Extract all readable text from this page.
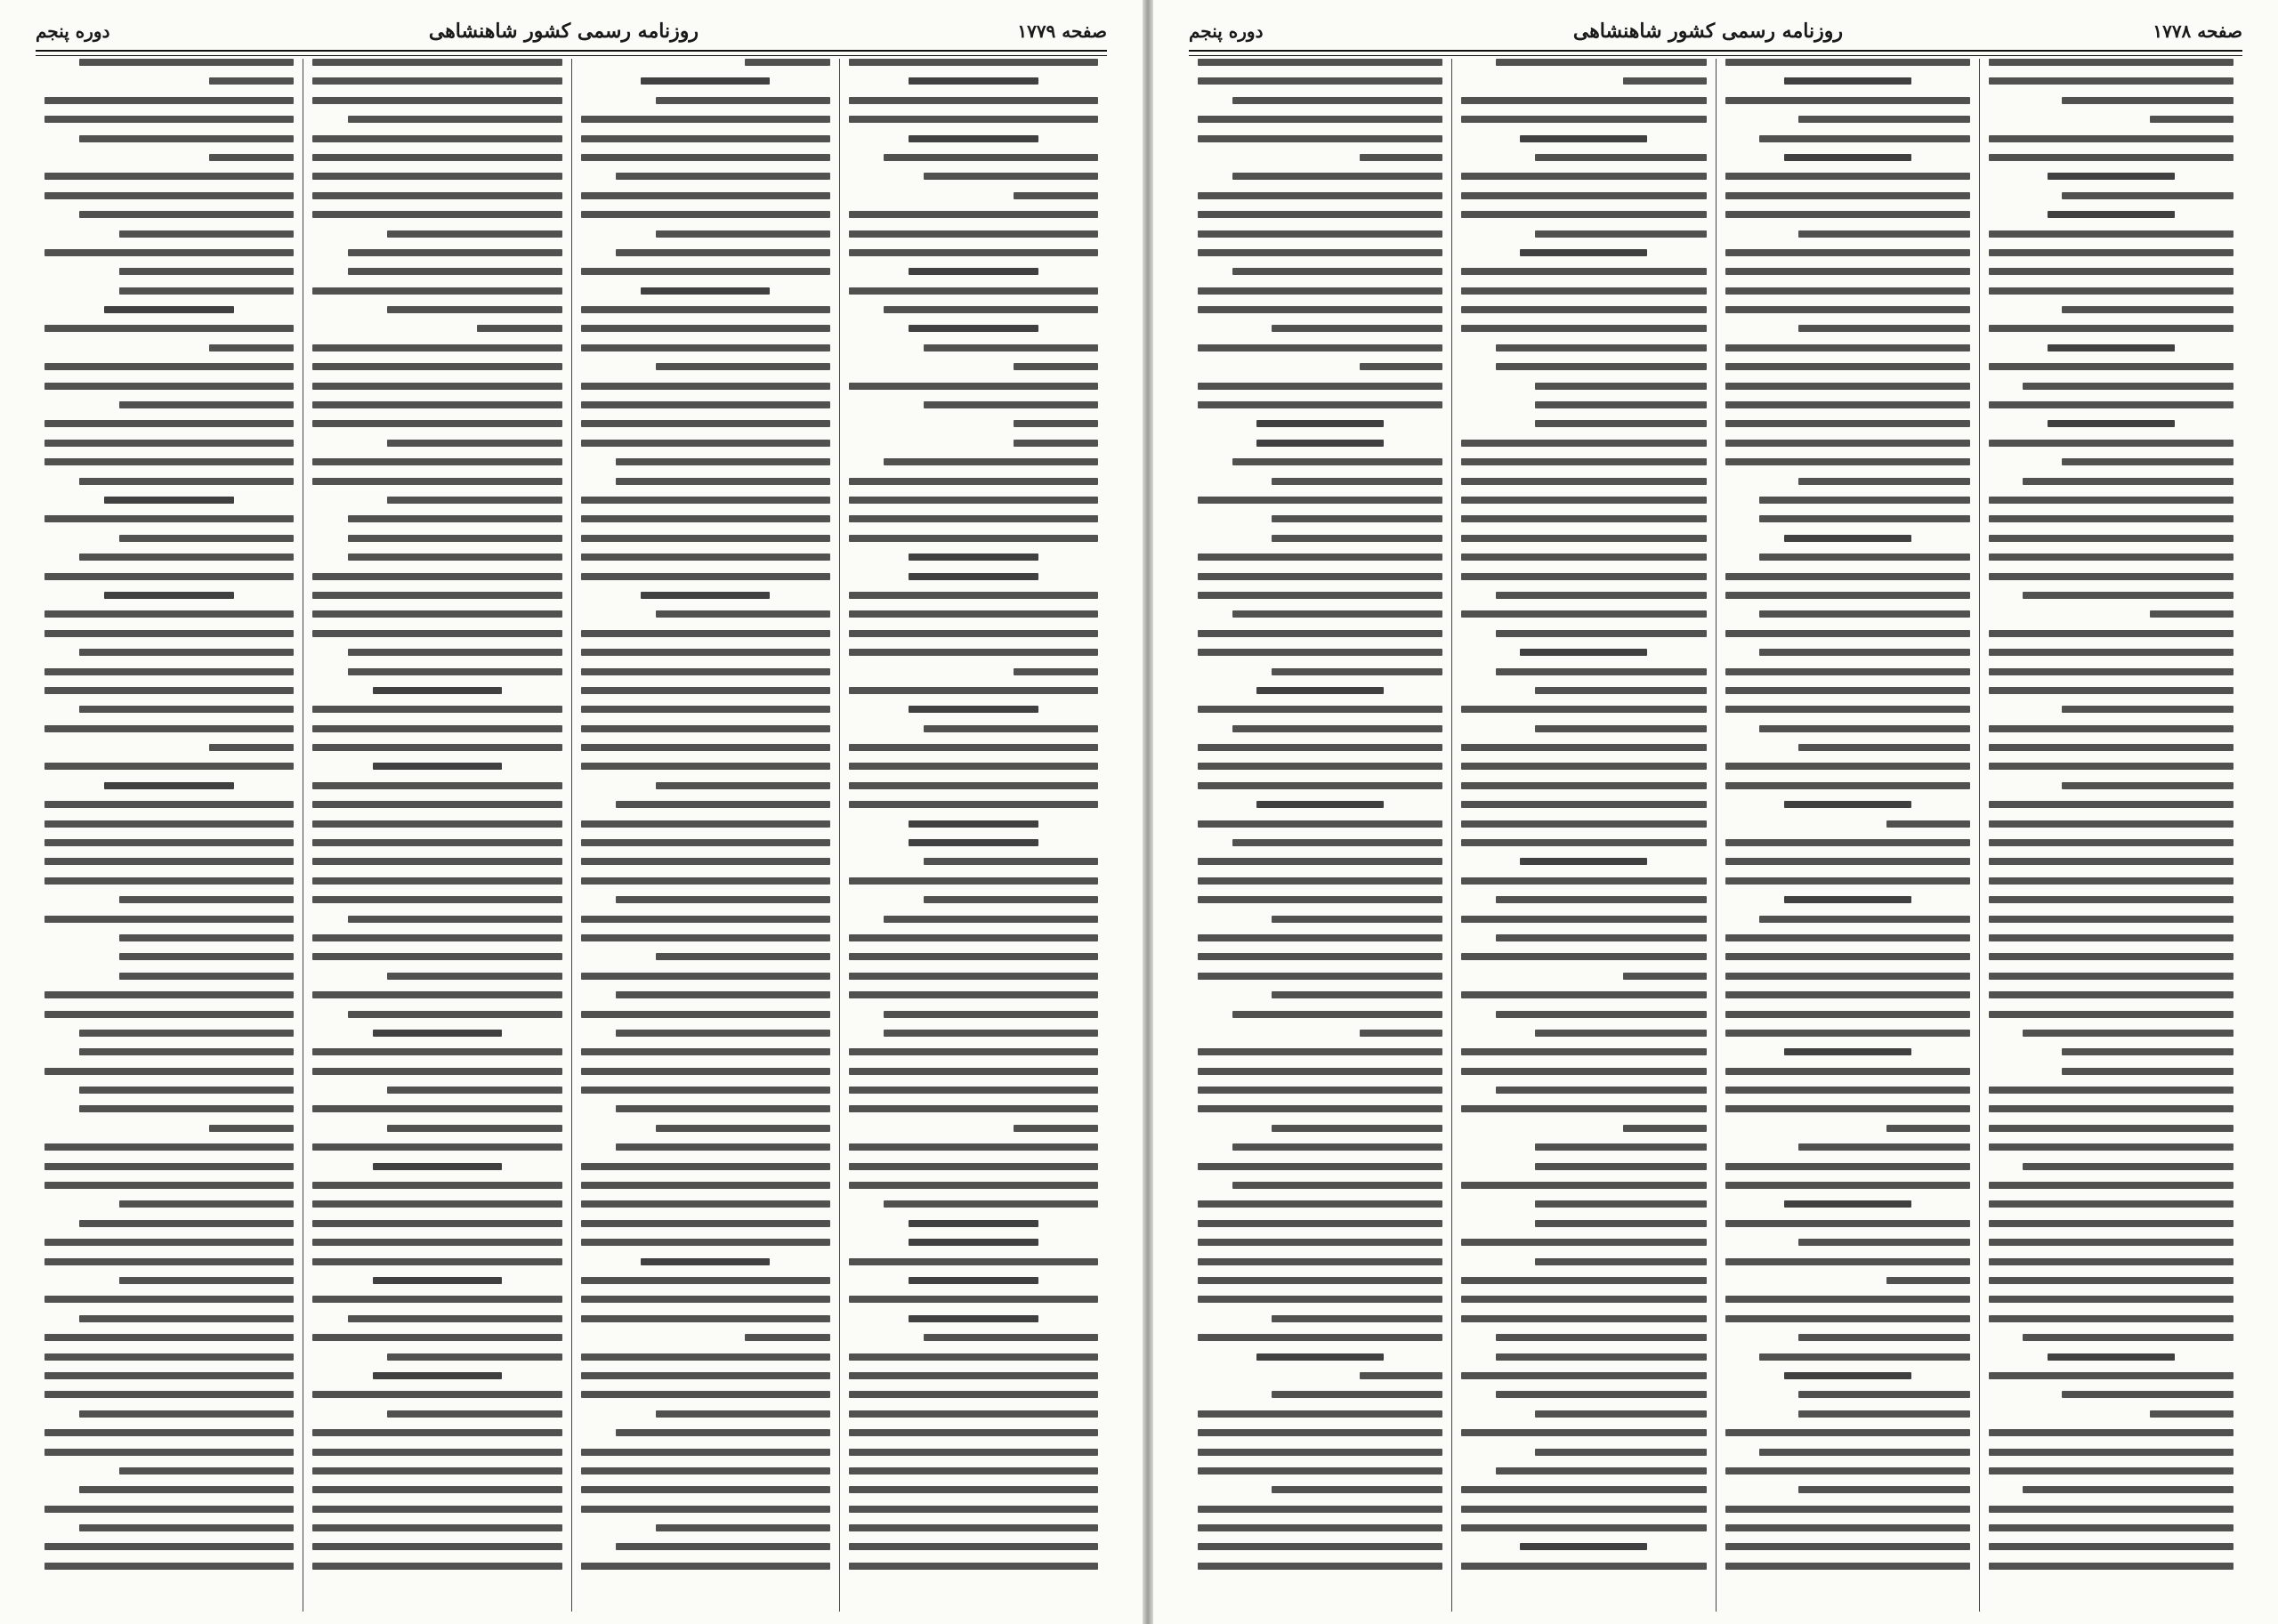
صفحه ۱۷۷۹
روزنامه رسمی کشور شاهنشاهی
دوره پنجم	صفحه ۱۷۷۸
روزنامه رسمی کشور شاهنشاهی
دوره پنجم
